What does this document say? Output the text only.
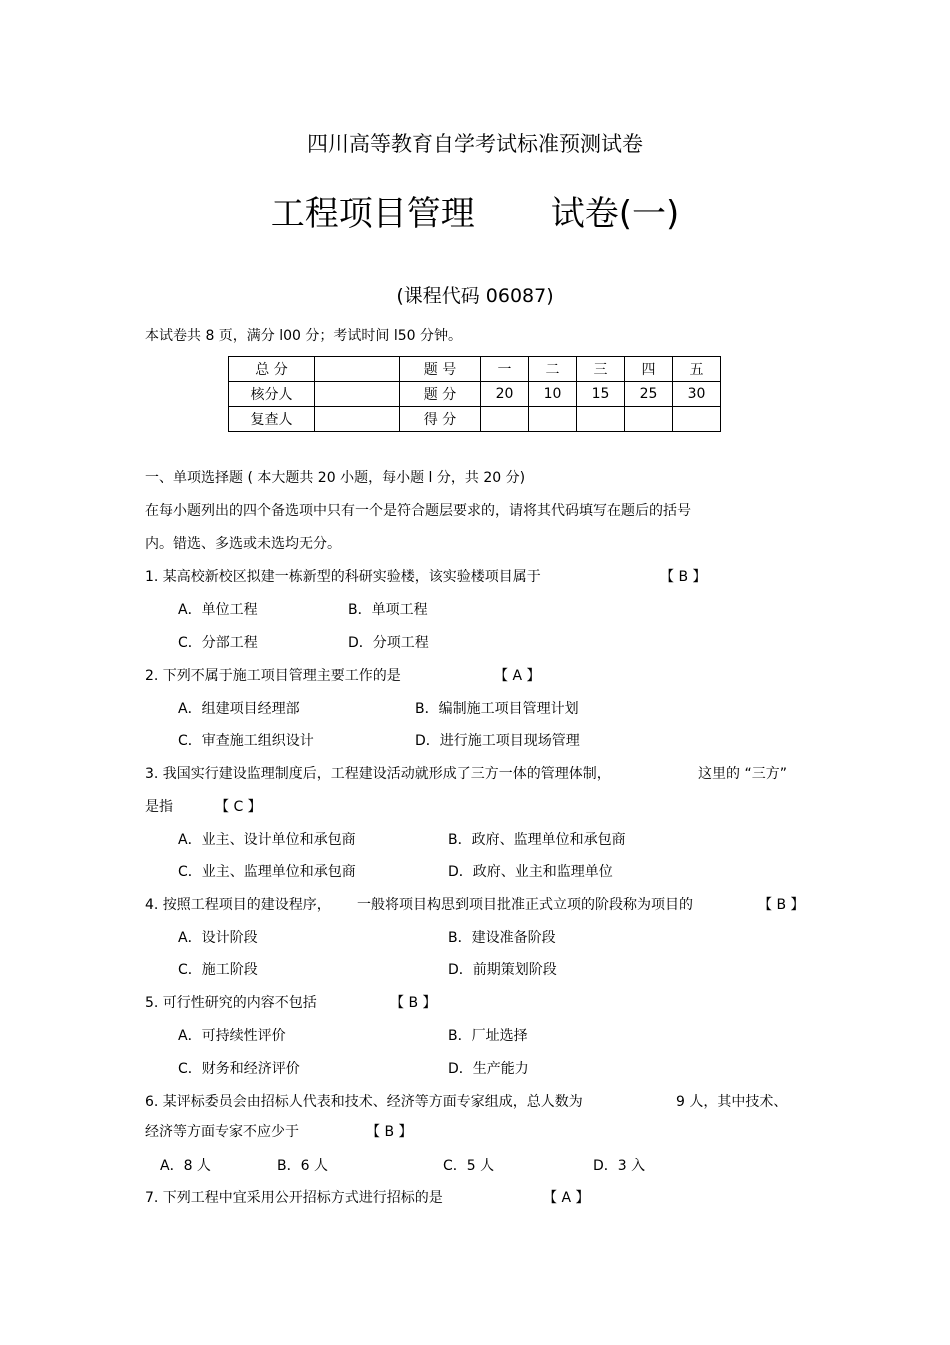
四川高等教育自学考试标准预测试卷
工程项目管理 试卷(一)
(课程代码 06087)
本试卷共 8 页，满分 l00 分；考试时间 l50 分钟。
总 分		题 号	一	二	三	四	五
核分人		题 分	20	10	15	25	30
复查人		得 分					
一、单项选择题 ( 本大题共 20 小题，每小题 l 分，共 20 分)
在每小题列出的四个备选项中只有一个是符合题层要求的，请将其代码填写在题后的括号
内。错选、多选或未选均无分。
1. 某高校新校区拟建一栋新型的科研实验楼，该实验楼项目属于	【 B 】
A．单位工程	B．单项工程
C．分部工程	D．分项工程
2. 下列不属于施工项目管理主要工作的是	【 A 】
A．组建项目经理部	B．编制施工项目管理计划
C．审查施工组织设计	D．进行施工项目现场管理
3. 我国实行建设监理制度后，工程建设活动就形成了三方一体的管理体制，	这里的 “三方”
是指	【 C 】
A．业主、设计单位和承包商	B．政府、监理单位和承包商
C．业主、监理单位和承包商	D．政府、业主和监理单位
4. 按照工程项目的建设程序， 一般将项目构思到项目批准正式立项的阶段称为项目的	【 B 】
A．设计阶段	B．建设准备阶段
C．施工阶段	D．前期策划阶段
5. 可行性研究的内容不包括	【 B 】
A．可持续性评价	B．厂址选择
C．财务和经济评价	D．生产能力
6. 某评标委员会由招标人代表和技术、经济等方面专家组成，总人数为	9 人，其中技术、
经济等方面专家不应少于	【 B 】
A．8 人	B．6 人	C．5 人	D．3 入
7. 下列工程中宜采用公开招标方式进行招标的是	【 A 】
